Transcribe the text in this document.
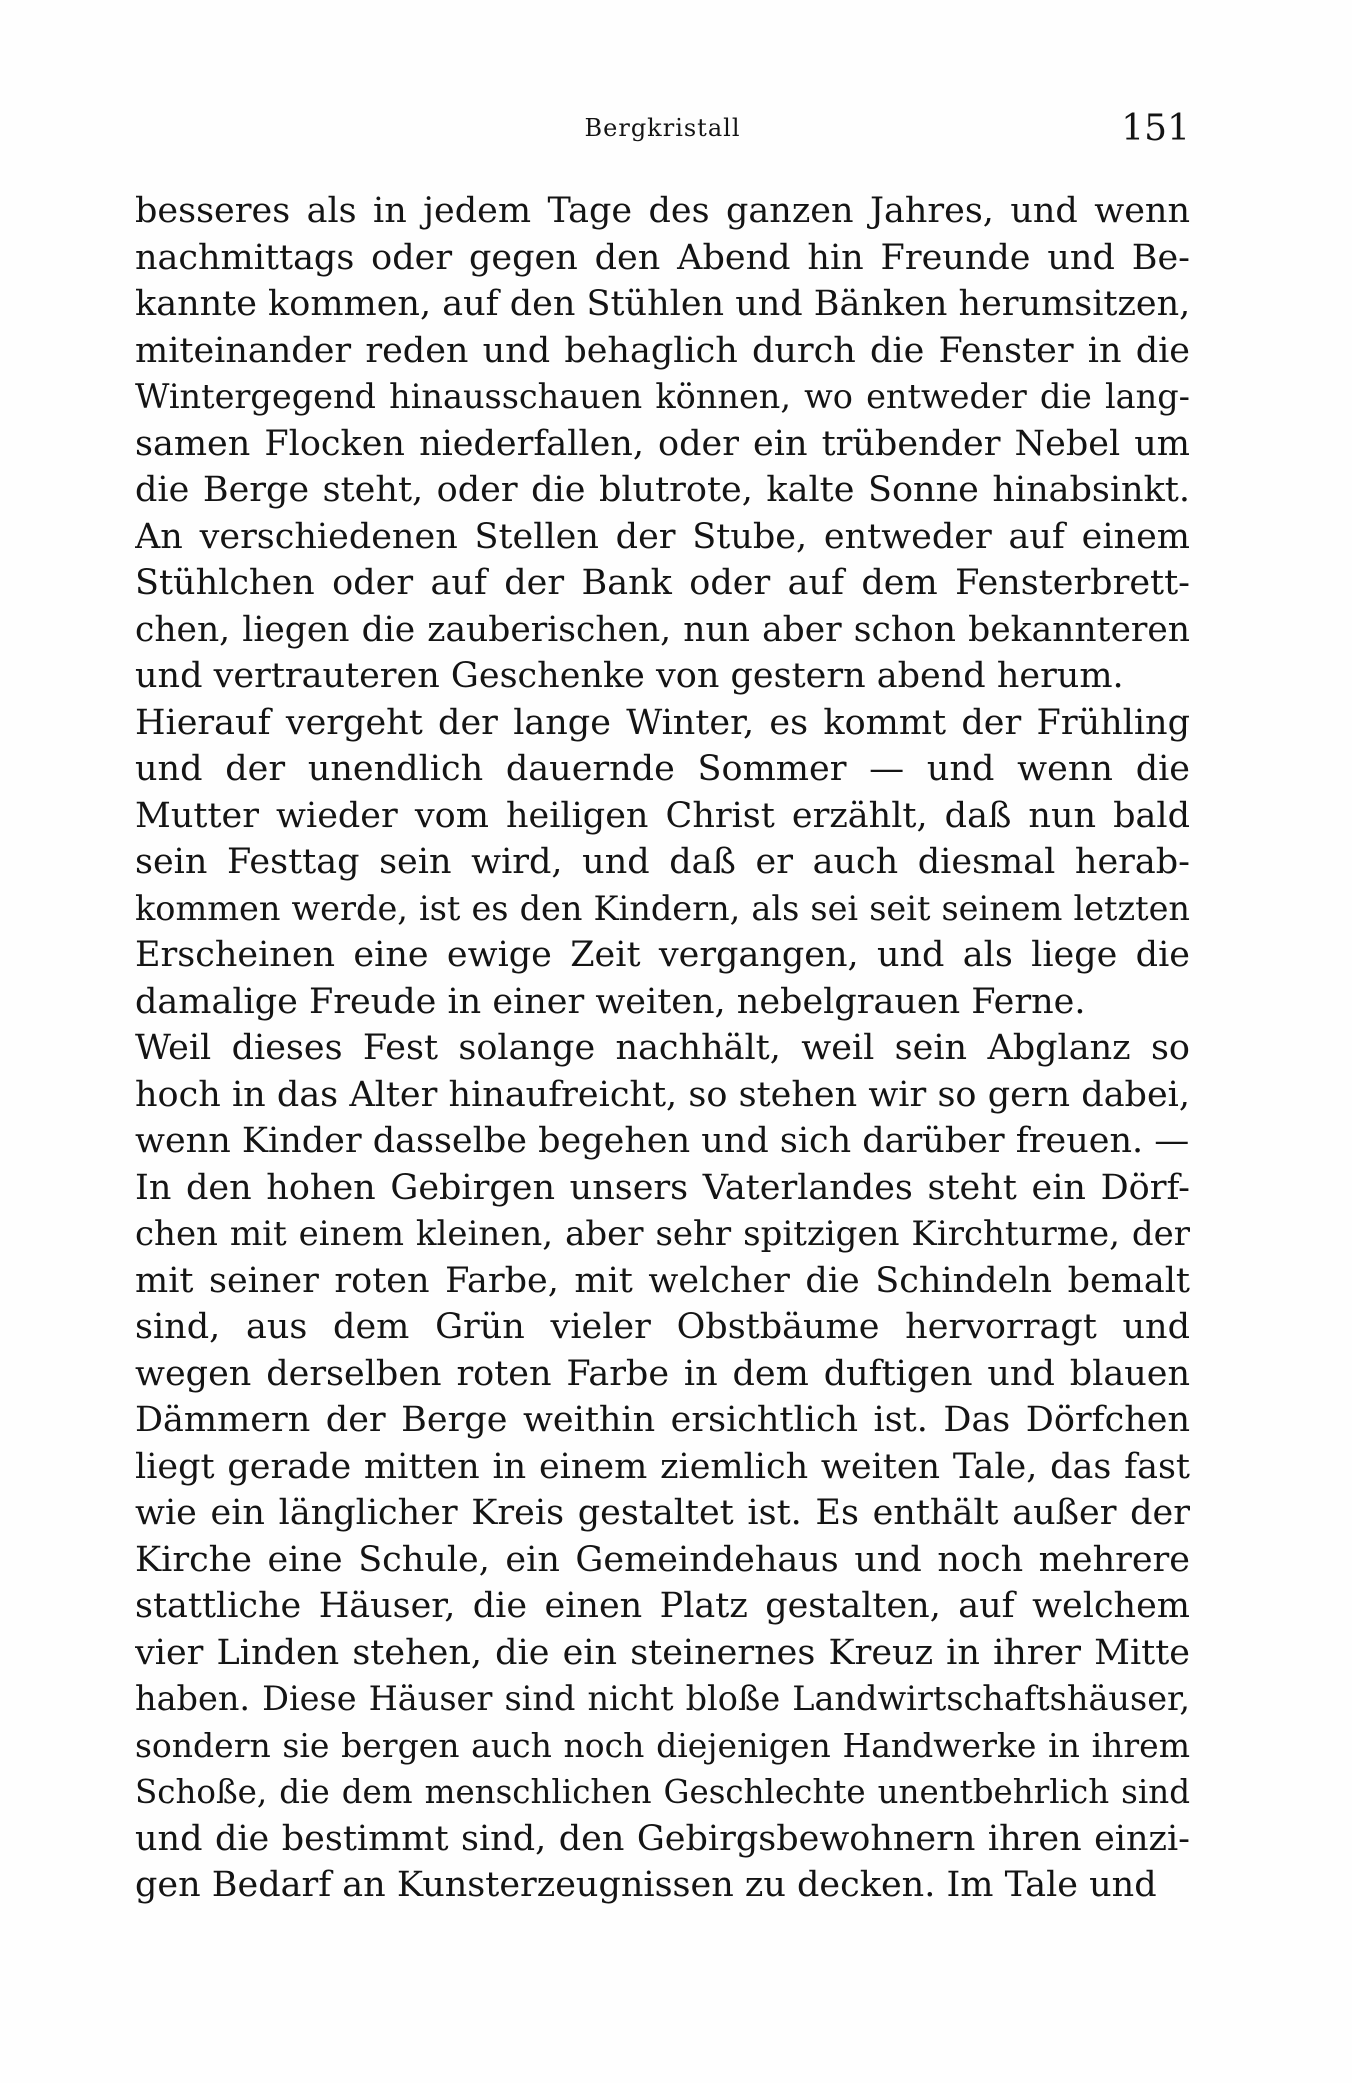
Bergkristall	151
besseres als in jedem Tage des ganzen Jahres, und wenn
nachmittags oder gegen den Abend hin Freunde und Be-
kannte kommen, auf den Stühlen und Bänken herumsitzen,
miteinander reden und behaglich durch die Fenster in die
Wintergegend hinausschauen können, wo entweder die lang-
samen Flocken niederfallen, oder ein trübender Nebel um
die Berge steht, oder die blutrote, kalte Sonne hinabsinkt.
An verschiedenen Stellen der Stube, entweder auf einem
Stühlchen oder auf der Bank oder auf dem Fensterbrett-
chen, liegen die zauberischen, nun aber schon bekannteren
und vertrauteren Geschenke von gestern abend herum.
Hierauf vergeht der lange Winter, es kommt der Frühling
und der unendlich dauernde Sommer — und wenn die
Mutter wieder vom heiligen Christ erzählt, daß nun bald
sein Festtag sein wird, und daß er auch diesmal herab-
kommen werde, ist es den Kindern, als sei seit seinem letzten
Erscheinen eine ewige Zeit vergangen, und als liege die
damalige Freude in einer weiten, nebelgrauen Ferne.
Weil dieses Fest solange nachhält, weil sein Abglanz so
hoch in das Alter hinaufreicht, so stehen wir so gern dabei,
wenn Kinder dasselbe begehen und sich darüber freuen. —
In den hohen Gebirgen unsers Vaterlandes steht ein Dörf-
chen mit einem kleinen, aber sehr spitzigen Kirchturme, der
mit seiner roten Farbe, mit welcher die Schindeln bemalt
sind, aus dem Grün vieler Obstbäume hervorragt und
wegen derselben roten Farbe in dem duftigen und blauen
Dämmern der Berge weithin ersichtlich ist. Das Dörfchen
liegt gerade mitten in einem ziemlich weiten Tale, das fast
wie ein länglicher Kreis gestaltet ist. Es enthält außer der
Kirche eine Schule, ein Gemeindehaus und noch mehrere
stattliche Häuser, die einen Platz gestalten, auf welchem
vier Linden stehen, die ein steinernes Kreuz in ihrer Mitte
haben. Diese Häuser sind nicht bloße Landwirtschaftshäuser,
sondern sie bergen auch noch diejenigen Handwerke in ihrem
Schoße, die dem menschlichen Geschlechte unentbehrlich sind
und die bestimmt sind, den Gebirgsbewohnern ihren einzi-
gen Bedarf an Kunsterzeugnissen zu decken. Im Tale und
